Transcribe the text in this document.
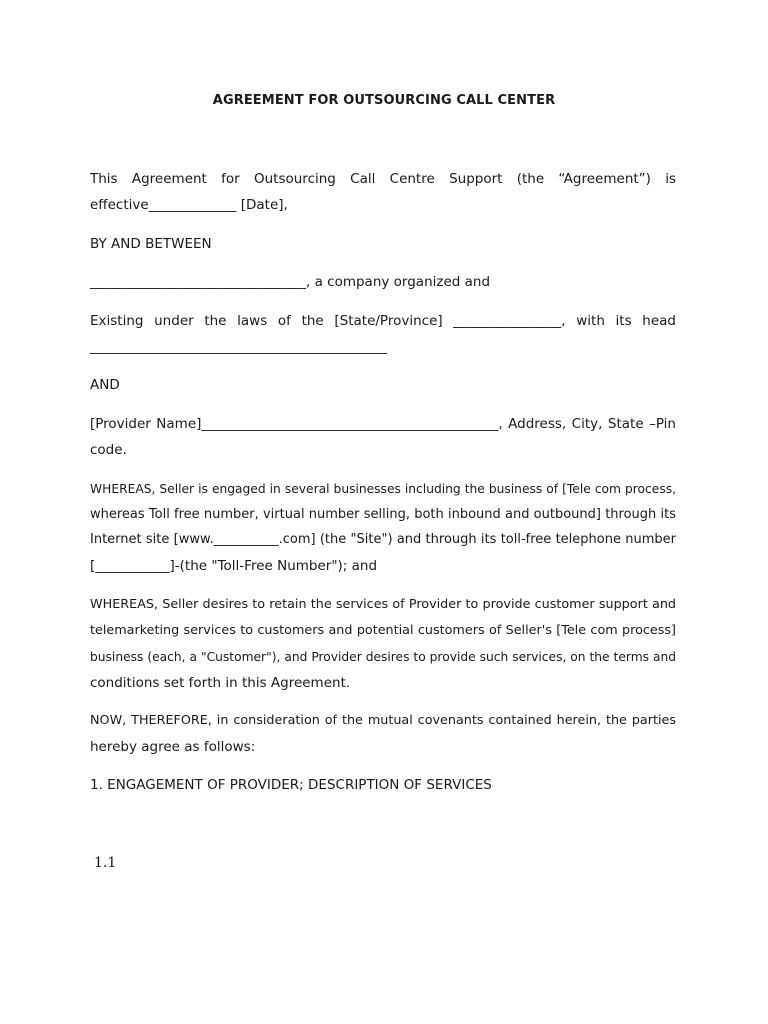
AGREEMENT FOR OUTSOURCING CALL CENTER
This Agreement for Outsourcing Call Centre Support (the “Agreement”) is
effective_____________ [Date],
BY AND BETWEEN
________________________________, a company organized and
Existing under the laws of the [State/Province] ________________, with its head
____________________________________________
AND
[Provider Name]____________________________________________, Address, City, State –Pin
code.
WHEREAS, Seller is engaged in several businesses including the business of [Tele com process,
whereas Toll free number, virtual number selling, both inbound and outbound] through its
Internet site [www.__________.com] (the "Site") and through its toll-free telephone number
[___________]-(the "Toll-Free Number"); and
WHEREAS, Seller desires to retain the services of Provider to provide customer support and
telemarketing services to customers and potential customers of Seller's [Tele com process]
business (each, a "Customer"), and Provider desires to provide such services, on the terms and
conditions set forth in this Agreement.
NOW, THEREFORE, in consideration of the mutual covenants contained herein, the parties
hereby agree as follows:
1. ENGAGEMENT OF PROVIDER; DESCRIPTION OF SERVICES
1.1
